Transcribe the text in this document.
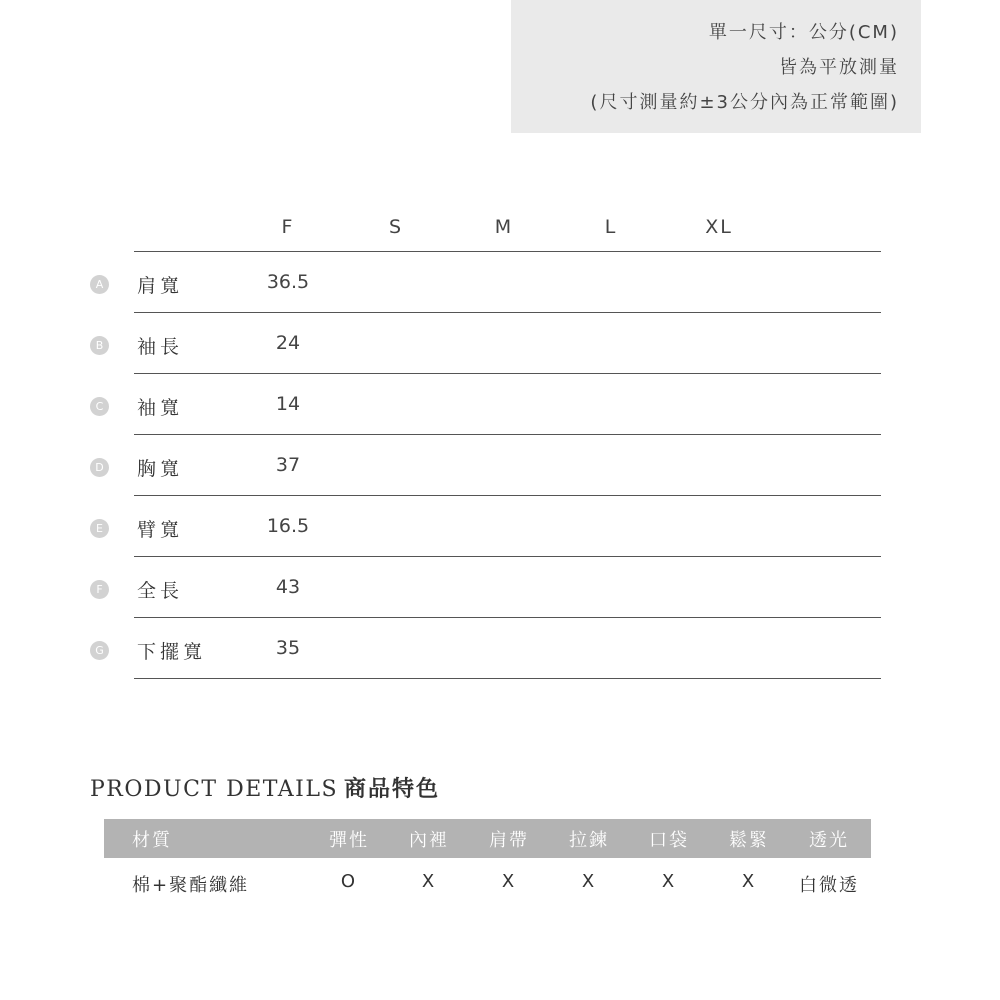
單一尺寸：公分(CM)
皆為平放測量
(尺寸測量約±3公分內為正常範圍)
F	S	M	L	XL
A	肩寬	36.5
B	袖長	24
C 袖寬	14
D 胸寬	37
E	臂寬	16.5
F	全長	43
G 下擺寬	35
PRODUCT DETAILS 商品特色
材質	彈性	內裡	肩帶	拉鍊	口袋	鬆緊	透光
棉+聚酯纖維	O	X	X	X	X	X	白微透
